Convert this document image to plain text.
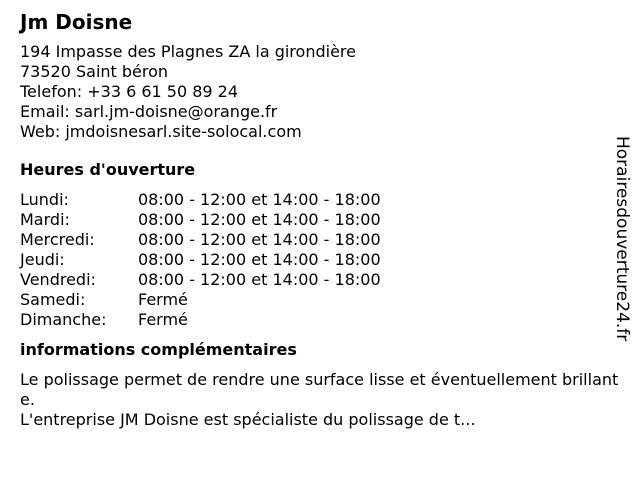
Jm Doisne
194 Impasse des Plagnes ZA la girondière
73520 Saint béron
Telefon: +33 6 61 50 89 24
Email: sarl.jm-doisne@orange.fr
Web: jmdoisnesarl.site-solocal.com
Heures d'ouverture
Lundi:	08:00 - 12:00 et 14:00 - 18:00
Mardi:	08:00 - 12:00 et 14:00 - 18:00
Mercredi:	08:00 - 12:00 et 14:00 - 18:00
Jeudi:	08:00 - 12:00 et 14:00 - 18:00
Vendredi:	08:00 - 12:00 et 14:00 - 18:00
Samedi:	Fermé
Dimanche:	Fermé
informations complémentaires
Le polissage permet de rendre une surface lisse et éventuellement brillante.
L'entreprise JM Doisne est spécialiste du polissage de t...
Horairesdouverture24.fr
